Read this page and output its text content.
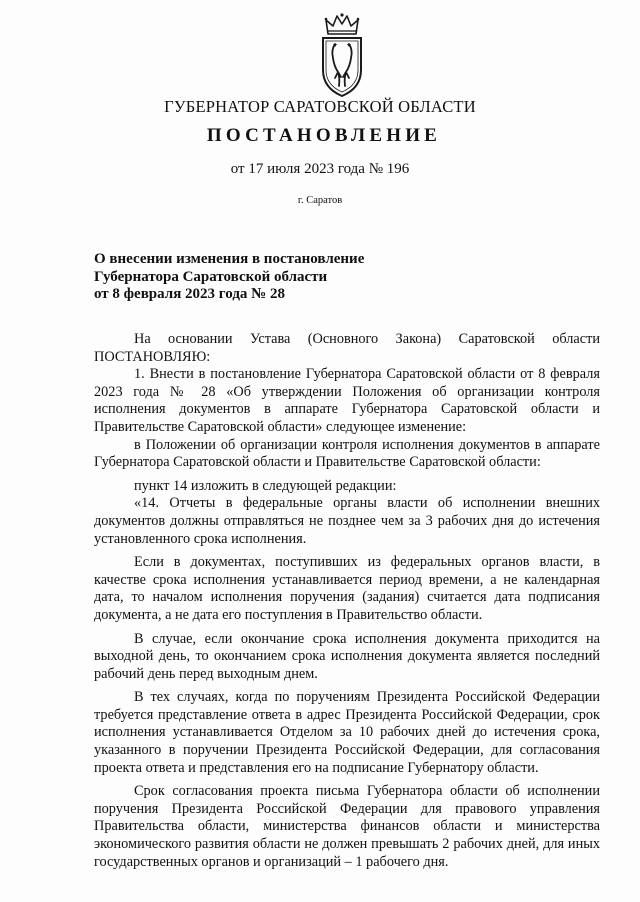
ГУБЕРНАТОР САРАТОВСКОЙ ОБЛАСТИ
ПОСТАНОВЛЕНИЕ
от 17 июля 2023 года № 196
г. Саратов
О внесении изменения в постановление
Губернатора Саратовской области
от 8 февраля 2023 года № 28

На основании Устава (Основного Закона) Саратовской области ПОСТАНОВЛЯЮ:

1. Внести в постановление Губернатора Саратовской области от 8 февраля 2023 года № 28 «Об утверждении Положения об организации контроля исполнения документов в аппарате Губернатора Саратовской области и Правительстве Саратовской области» следующее изменение:

в Положении об организации контроля исполнения документов в аппарате Губернатора Саратовской области и Правительстве Саратовской области:

пункт 14 изложить в следующей редакции:

«14. Отчеты в федеральные органы власти об исполнении внешних документов должны отправляться не позднее чем за 3 рабочих дня до истечения установленного срока исполнения.

Если в документах, поступивших из федеральных органов власти, в качестве срока исполнения устанавливается период времени, а не календарная дата, то началом исполнения поручения (задания) считается дата подписания документа, а не дата его поступления в Правительство области.

В случае, если окончание срока исполнения документа приходится на выходной день, то окончанием срока исполнения документа является последний рабочий день перед выходным днем.

В тех случаях, когда по поручениям Президента Российской Федерации требуется представление ответа в адрес Президента Российской Федерации, срок исполнения устанавливается Отделом за 10 рабочих дней до истечения срока, указанного в поручении Президента Российской Федерации, для согласования проекта ответа и представления его на подписание Губернатору области.

Срок согласования проекта письма Губернатора области об исполнении поручения Президента Российской Федерации для правового управления Правительства области, министерства финансов области и министерства экономического развития области не должен превышать 2 рабочих дней, для иных государственных органов и организаций – 1 рабочего дня.
